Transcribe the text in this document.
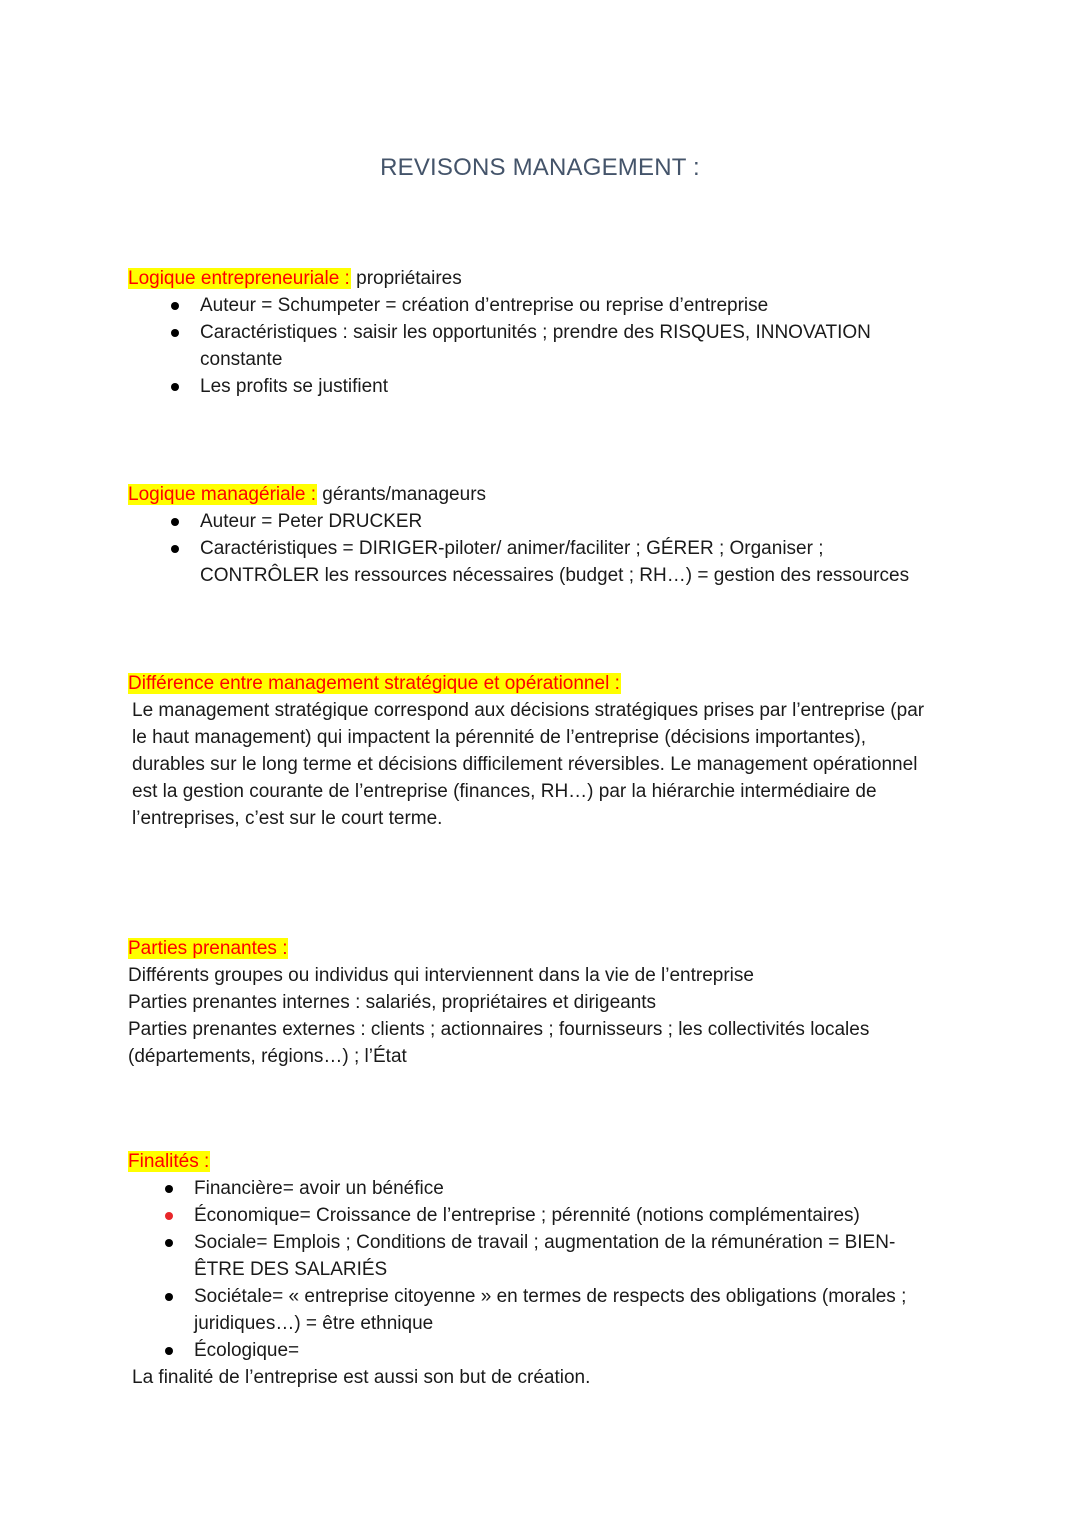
REVISONS MANAGEMENT :
Logique entrepreneuriale : propriétaires
Auteur = Schumpeter = création d’entreprise ou reprise d’entreprise
Caractéristiques : saisir les opportunités ; prendre des RISQUES, INNOVATION constante
Les profits se justifient
Logique managériale : gérants/manageurs
Auteur = Peter DRUCKER
Caractéristiques = DIRIGER-piloter/ animer/faciliter ; GÉRER ; Organiser ; CONTRÔLER les ressources nécessaires (budget ; RH…) = gestion des ressources
Différence entre management stratégique et opérationnel :

Le management stratégique correspond aux décisions stratégiques prises par l’entreprise (par le haut management) qui impactent la pérennité de l’entreprise (décisions importantes), durables sur le long terme et décisions difficilement réversibles. Le management opérationnel est la gestion courante de l’entreprise (finances, RH…) par la hiérarchie intermédiaire de l’entreprises, c’est sur le court terme.

Parties prenantes :
Différents groupes ou individus qui interviennent dans la vie de l’entreprise
Parties prenantes internes : salariés, propriétaires et dirigeants
Parties prenantes externes : clients ; actionnaires ; fournisseurs ; les collectivités locales (départements, régions…) ; l’État
Finalités :
Financière= avoir un bénéfice
Économique= Croissance de l’entreprise ; pérennité (notions complémentaires)
Sociale= Emplois ; Conditions de travail ; augmentation de la rémunération = BIEN-ÊTRE DES SALARIÉS
Sociétale= « entreprise citoyenne » en termes de respects des obligations (morales ; juridiques…) = être ethnique
Écologique=
La finalité de l’entreprise est aussi son but de création.
